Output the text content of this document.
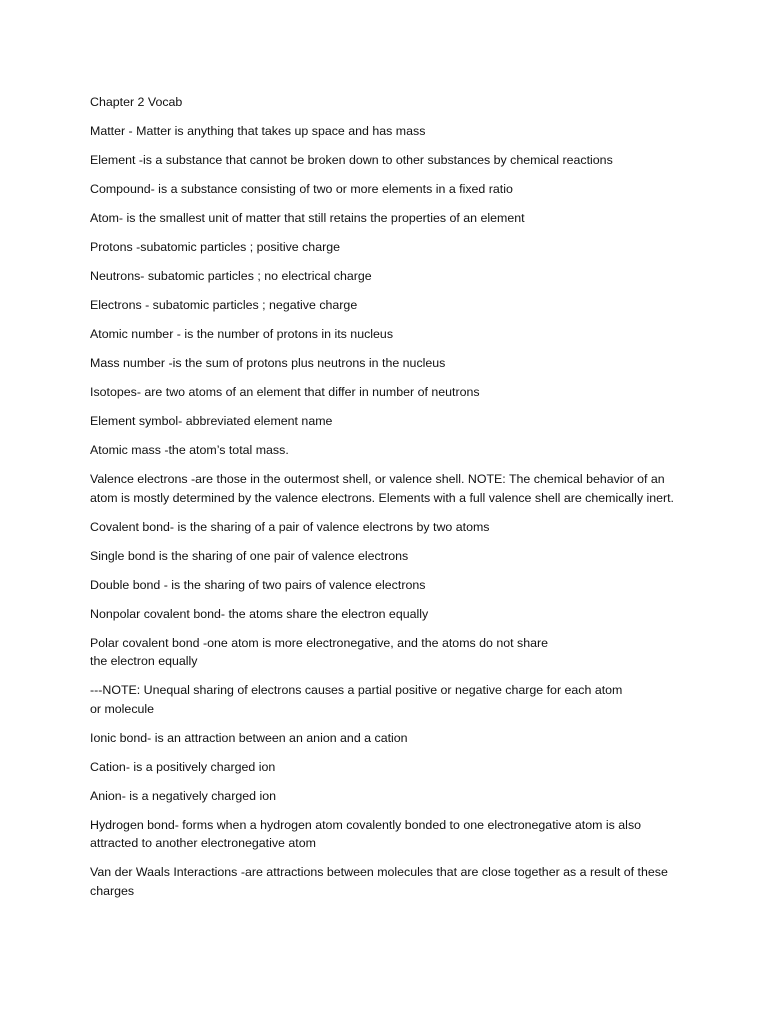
Chapter 2 Vocab
Matter - Matter is anything that takes up space and has mass
Element -is a substance that cannot be broken down to other substances by chemical reactions
Compound- is a substance consisting of two or more elements in a fixed ratio
Atom- is the smallest unit of matter that still retains the properties of an element
Protons -subatomic particles ; positive charge
Neutrons- subatomic particles ; no electrical charge
Electrons - subatomic particles ; negative charge
Atomic number - is the number of protons in its nucleus
Mass number -is the sum of protons plus neutrons in the nucleus
Isotopes- are two atoms of an element that differ in number of neutrons
Element symbol- abbreviated element name
Atomic mass -the atom’s total mass.
Valence electrons -are those in the outermost shell, or valence shell. NOTE: The chemical behavior of an atom is mostly determined by the valence electrons. Elements with a full valence shell are chemically inert.
Covalent bond- is the sharing of a pair of valence electrons by two atoms
Single bond is the sharing of one pair of valence electrons
Double bond - is the sharing of two pairs of valence electrons
Nonpolar covalent bond- the atoms share the electron equally
Polar covalent bond -one atom is more electronegative, and the atoms do not share
the electron equally
---NOTE: Unequal sharing of electrons causes a partial positive or negative charge for each atom
or molecule
Ionic bond- is an attraction between an anion and a cation
Cation- is a positively charged ion
Anion- is a negatively charged ion
Hydrogen bond- forms when a hydrogen atom covalently bonded to one electronegative atom is also attracted to another electronegative atom
Van der Waals Interactions -are attractions between molecules that are close together as a result of these charges
